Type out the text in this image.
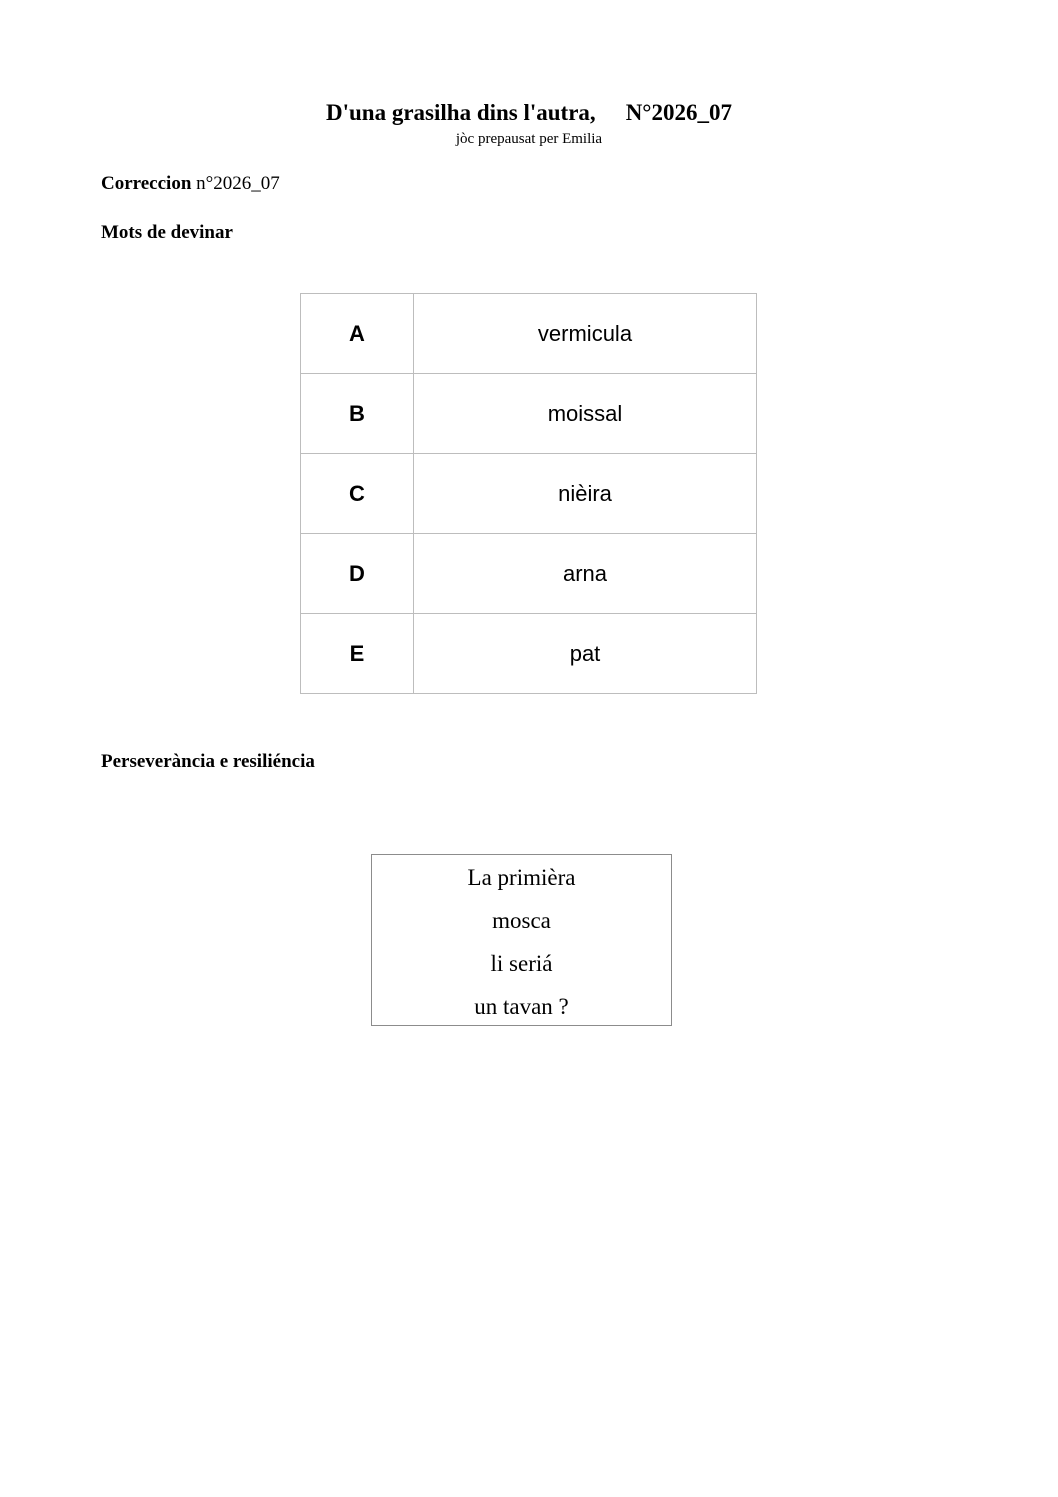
D'una grasilha dins l'autra, N°2026_07
jòc prepausat per Emilia
Correccion n°2026_07
Mots de devinar
A	vermicula
B	moissal
C	nièira
D	arna
E	pat
Perseverància e resiliéncia
La primièra
mosca
li seriá
un tavan ?
